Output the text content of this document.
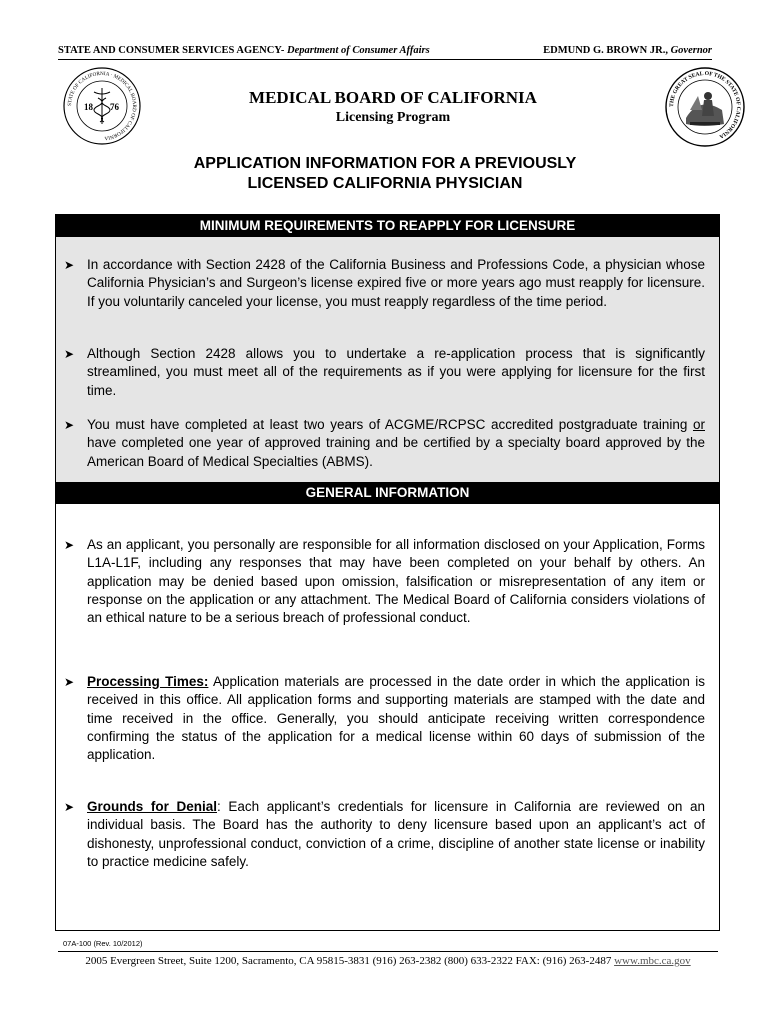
STATE AND CONSUMER SERVICES AGENCY- Department of Consumer Affairs	EDMUND G. BROWN JR., Governor
STATE OF CALIFORNIA · MEDICAL BOARD OF CALIFORNIA
18 76	THE GREAT SEAL OF THE STATE OF CALIFORNIA
MEDICAL BOARD OF CALIFORNIA
Licensing Program
APPLICATION INFORMATION FOR A PREVIOUSLY
LICENSED CALIFORNIA PHYSICIAN
MINIMUM REQUIREMENTS TO REAPPLY FOR LICENSURE
➤ In accordance with Section 2428 of the California Business and Professions Code, a physician whose California Physician’s and Surgeon’s license expired five or more years ago must reapply for licensure. If you voluntarily canceled your license, you must reapply regardless of the time period.
➤ Although Section 2428 allows you to undertake a re-application process that is significantly streamlined, you must meet all of the requirements as if you were applying for licensure for the first time.
➤ You must have completed at least two years of ACGME/RCPSC accredited postgraduate training or have completed one year of approved training and be certified by a specialty board approved by the American Board of Medical Specialties (ABMS).
GENERAL INFORMATION
➤ As an applicant, you personally are responsible for all information disclosed on your Application, Forms L1A-L1F, including any responses that may have been completed on your behalf by others. An application may be denied based upon omission, falsification or misrepresentation of any item or response on the application or any attachment. The Medical Board of California considers violations of an ethical nature to be a serious breach of professional conduct.
➤ Processing Times: Application materials are processed in the date order in which the application is received in this office. All application forms and supporting materials are stamped with the date and time received in the office. Generally, you should anticipate receiving written correspondence confirming the status of the application for a medical license within 60 days of submission of the application.
➤ Grounds for Denial: Each applicant’s credentials for licensure in California are reviewed on an individual basis. The Board has the authority to deny licensure based upon an applicant’s act of dishonesty, unprofessional conduct, conviction of a crime, discipline of another state license or inability to practice medicine safely.
07A-100 (Rev. 10/2012)
2005 Evergreen Street, Suite 1200, Sacramento, CA 95815-3831 (916) 263-2382 (800) 633-2322 FAX: (916) 263-2487 www.mbc.ca.gov
